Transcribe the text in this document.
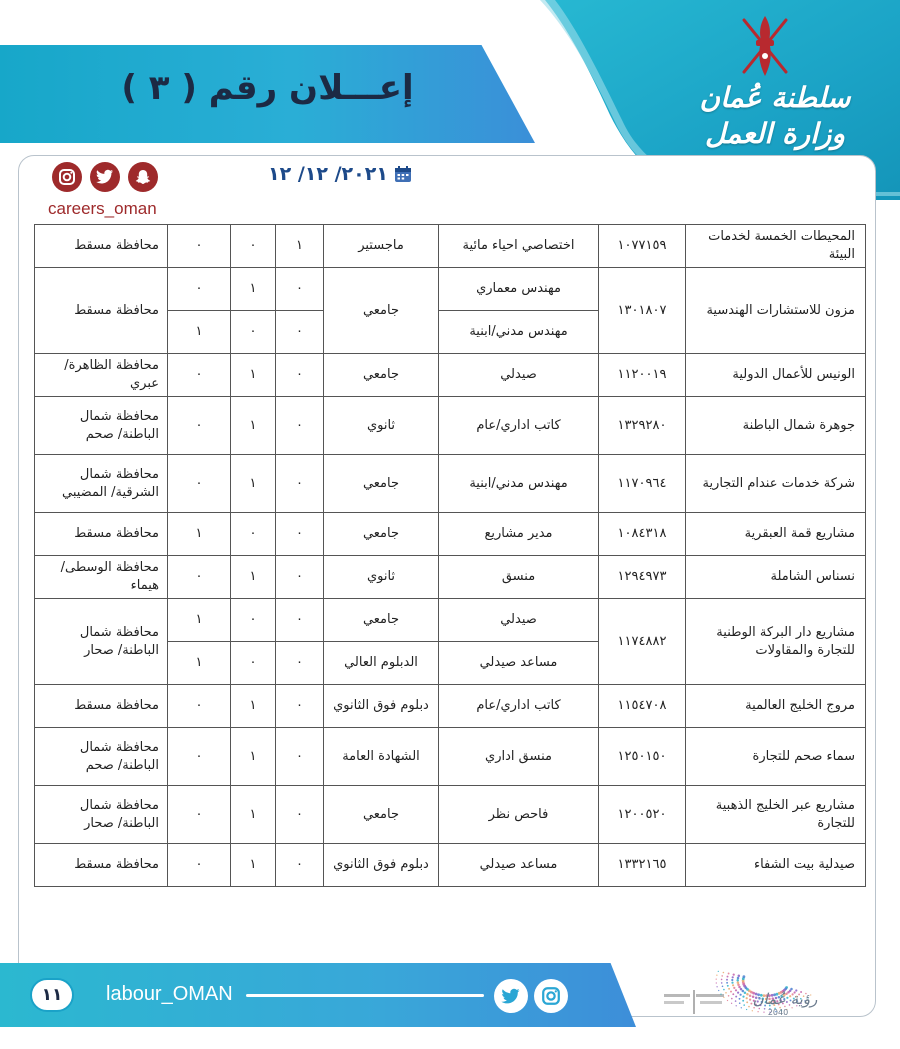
إعـــلان رقم ( ٣ )	سلطنة عُمان
وزارة العمل
careers_oman
٢٠٢١/ ١٢/ ١٢
المحيطات الخمسة لخدمات البيئة	١٠٧٧١٥٩	اختصاصي احياء مائية	ماجستير	١	٠	٠	محافظة مسقط
مزون للاستشارات الهندسية	١٣٠١٨٠٧	مهندس معماري	جامعي	٠	١	٠	محافظة مسقط
		مهندس مدني/ابنية		٠	٠	١	
الونيس للأعمال الدولية	١١٢٠٠١٩	صيدلي	جامعي	٠	١	٠	محافظة الظاهرة/عبري
جوهرة شمال الباطنة	١٣٢٩٢٨٠	كاتب اداري/عام	ثانوي	٠	١	٠	محافظة شمال الباطنة/ صحم
شركة خدمات عندام التجارية	١١٧٠٩٦٤	مهندس مدني/ابنية	جامعي	٠	١	٠	محافظة شمال الشرقية/ المضيبي
مشاريع قمة العبقرية	١٠٨٤٣١٨	مدير مشاريع	جامعي	٠	٠	١	محافظة مسقط
نسناس الشاملة	١٢٩٤٩٧٣	منسق	ثانوي	٠	١	٠	محافظة الوسطى/ هيماء
مشاريع دار البركة الوطنية للتجارة والمقاولات	١١٧٤٨٨٢	صيدلي	جامعي	٠	٠	١	محافظة شمال الباطنة/ صحار
		مساعد صيدلي	الدبلوم العالي	٠	٠	١	
مروج الخليج العالمية	١١٥٤٧٠٨	كاتب اداري/عام	دبلوم فوق الثانوي	٠	١	٠	محافظة مسقط
سماء صحم للتجارة	١٢٥٠١٥٠	منسق اداري	الشهادة العامة	٠	١	٠	محافظة شمال الباطنة/ صحم
مشاريع عبر الخليج الذهبية للتجارة	١٢٠٠٥٢٠	فاحص نظر	جامعي	٠	١	٠	محافظة شمال الباطنة/ صحار
صيدلية بيت الشفاء	١٣٣٢١٦٥	مساعد صيدلي	دبلوم فوق الثانوي	٠	١	٠	محافظة مسقط
١١	labour_OMAN	رؤية عُمان
2040
